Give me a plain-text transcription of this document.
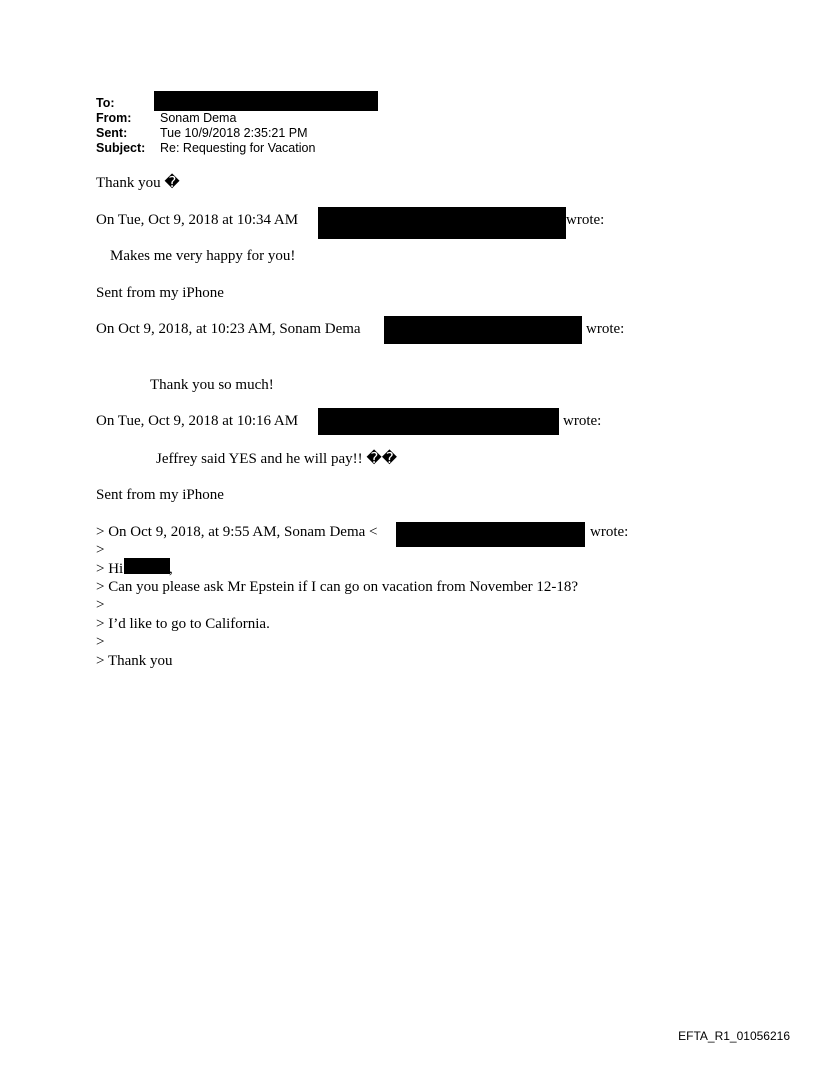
To:
From: Sonam Dema
Sent:	Tue 10/9/2018 2:35:21 PM
Subject: Re: Requesting for Vacation
Thank you �
On Tue, Oct 9, 2018 at 10:34 AM	wrote:
Makes me very happy for you!
Sent from my iPhone
On Oct 9, 2018, at 10:23 AM, Sonam Dema	wrote:
Thank you so much!
On Tue, Oct 9, 2018 at 10:16 AM	wrote:
Jeffrey said YES and he will pay!! ��
Sent from my iPhone
> On Oct 9, 2018, at 9:55 AM, Sonam Dema <	wrote:
>
> Hi	,
> Can you please ask Mr Epstein if I can go on vacation from November 12-18?
>
> I’d like to go to California.
>
> Thank you
EFTA_R1_01056216
